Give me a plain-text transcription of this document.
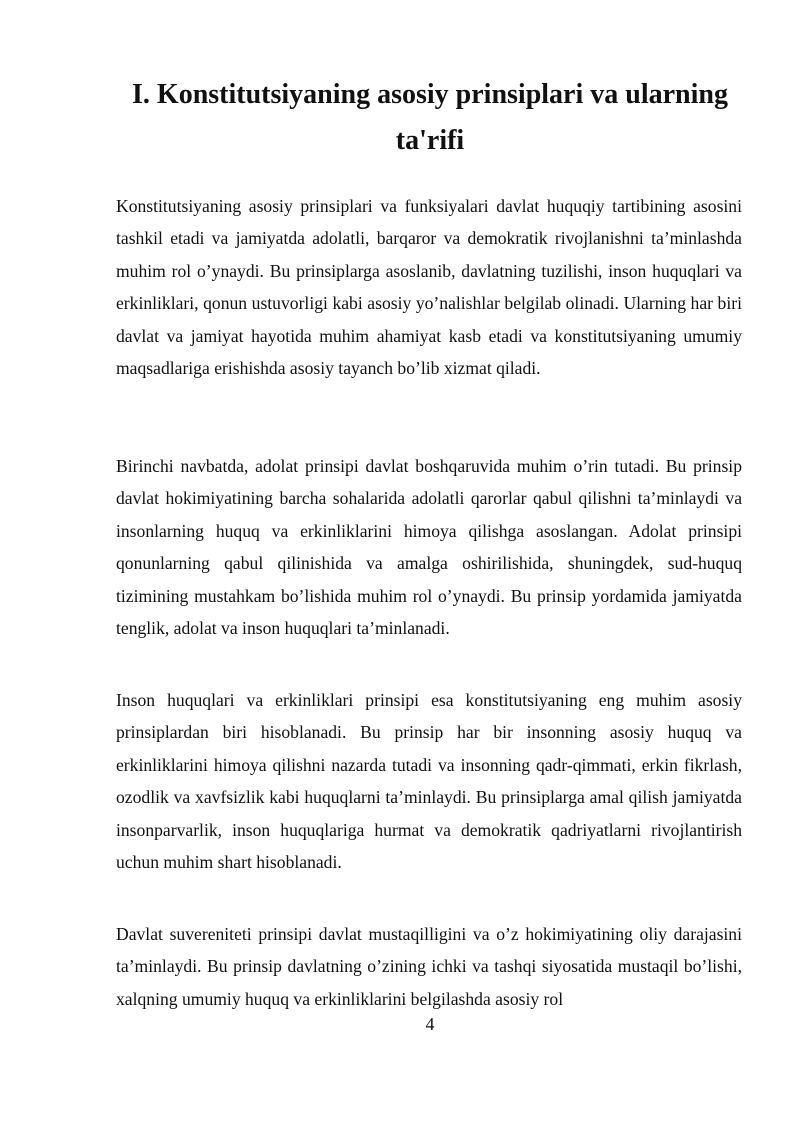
I. Konstitutsiyaning asosiy prinsiplari va ularning
ta'rifi

Konstitutsiyaning asosiy prinsiplari va funksiyalari davlat huquqiy tartibining asosini tashkil etadi va jamiyatda adolatli, barqaror va demokratik rivojlanishni ta’minlashda muhim rol o’ynaydi. Bu prinsiplarga asoslanib, davlatning tuzilishi, inson huquqlari va erkinliklari, qonun ustuvorligi kabi asosiy yo’nalishlar belgilab olinadi. Ularning har biri davlat va jamiyat hayotida muhim ahamiyat kasb etadi va konstitutsiyaning umumiy maqsadlariga erishishda asosiy tayanch bo’lib xizmat qiladi.

Birinchi navbatda, adolat prinsipi davlat boshqaruvida muhim o’rin tutadi. Bu prinsip davlat hokimiyatining barcha sohalarida adolatli qarorlar qabul qilishni ta’minlaydi va insonlarning huquq va erkinliklarini himoya qilishga asoslangan. Adolat prinsipi qonunlarning qabul qilinishida va amalga oshirilishida, shuningdek, sud-huquq tizimining mustahkam bo’lishida muhim rol o’ynaydi. Bu prinsip yordamida jamiyatda tenglik, adolat va inson huquqlari ta’minlanadi.

Inson huquqlari va erkinliklari prinsipi esa konstitutsiyaning eng muhim asosiy prinsiplardan biri hisoblanadi. Bu prinsip har bir insonning asosiy huquq va erkinliklarini himoya qilishni nazarda tutadi va insonning qadr-qimmati, erkin fikrlash, ozodlik va xavfsizlik kabi huquqlarni ta’minlaydi. Bu prinsiplarga amal qilish jamiyatda insonparvarlik, inson huquqlariga hurmat va demokratik qadriyatlarni rivojlantirish uchun muhim shart hisoblanadi.

Davlat suvereniteti prinsipi davlat mustaqilligini va o’z hokimiyatining oliy darajasini ta’minlaydi. Bu prinsip davlatning o’zining ichki va tashqi siyosatida mustaqil bo’lishi, xalqning umumiy huquq va erkinliklarini belgilashda asosiy rol

4
